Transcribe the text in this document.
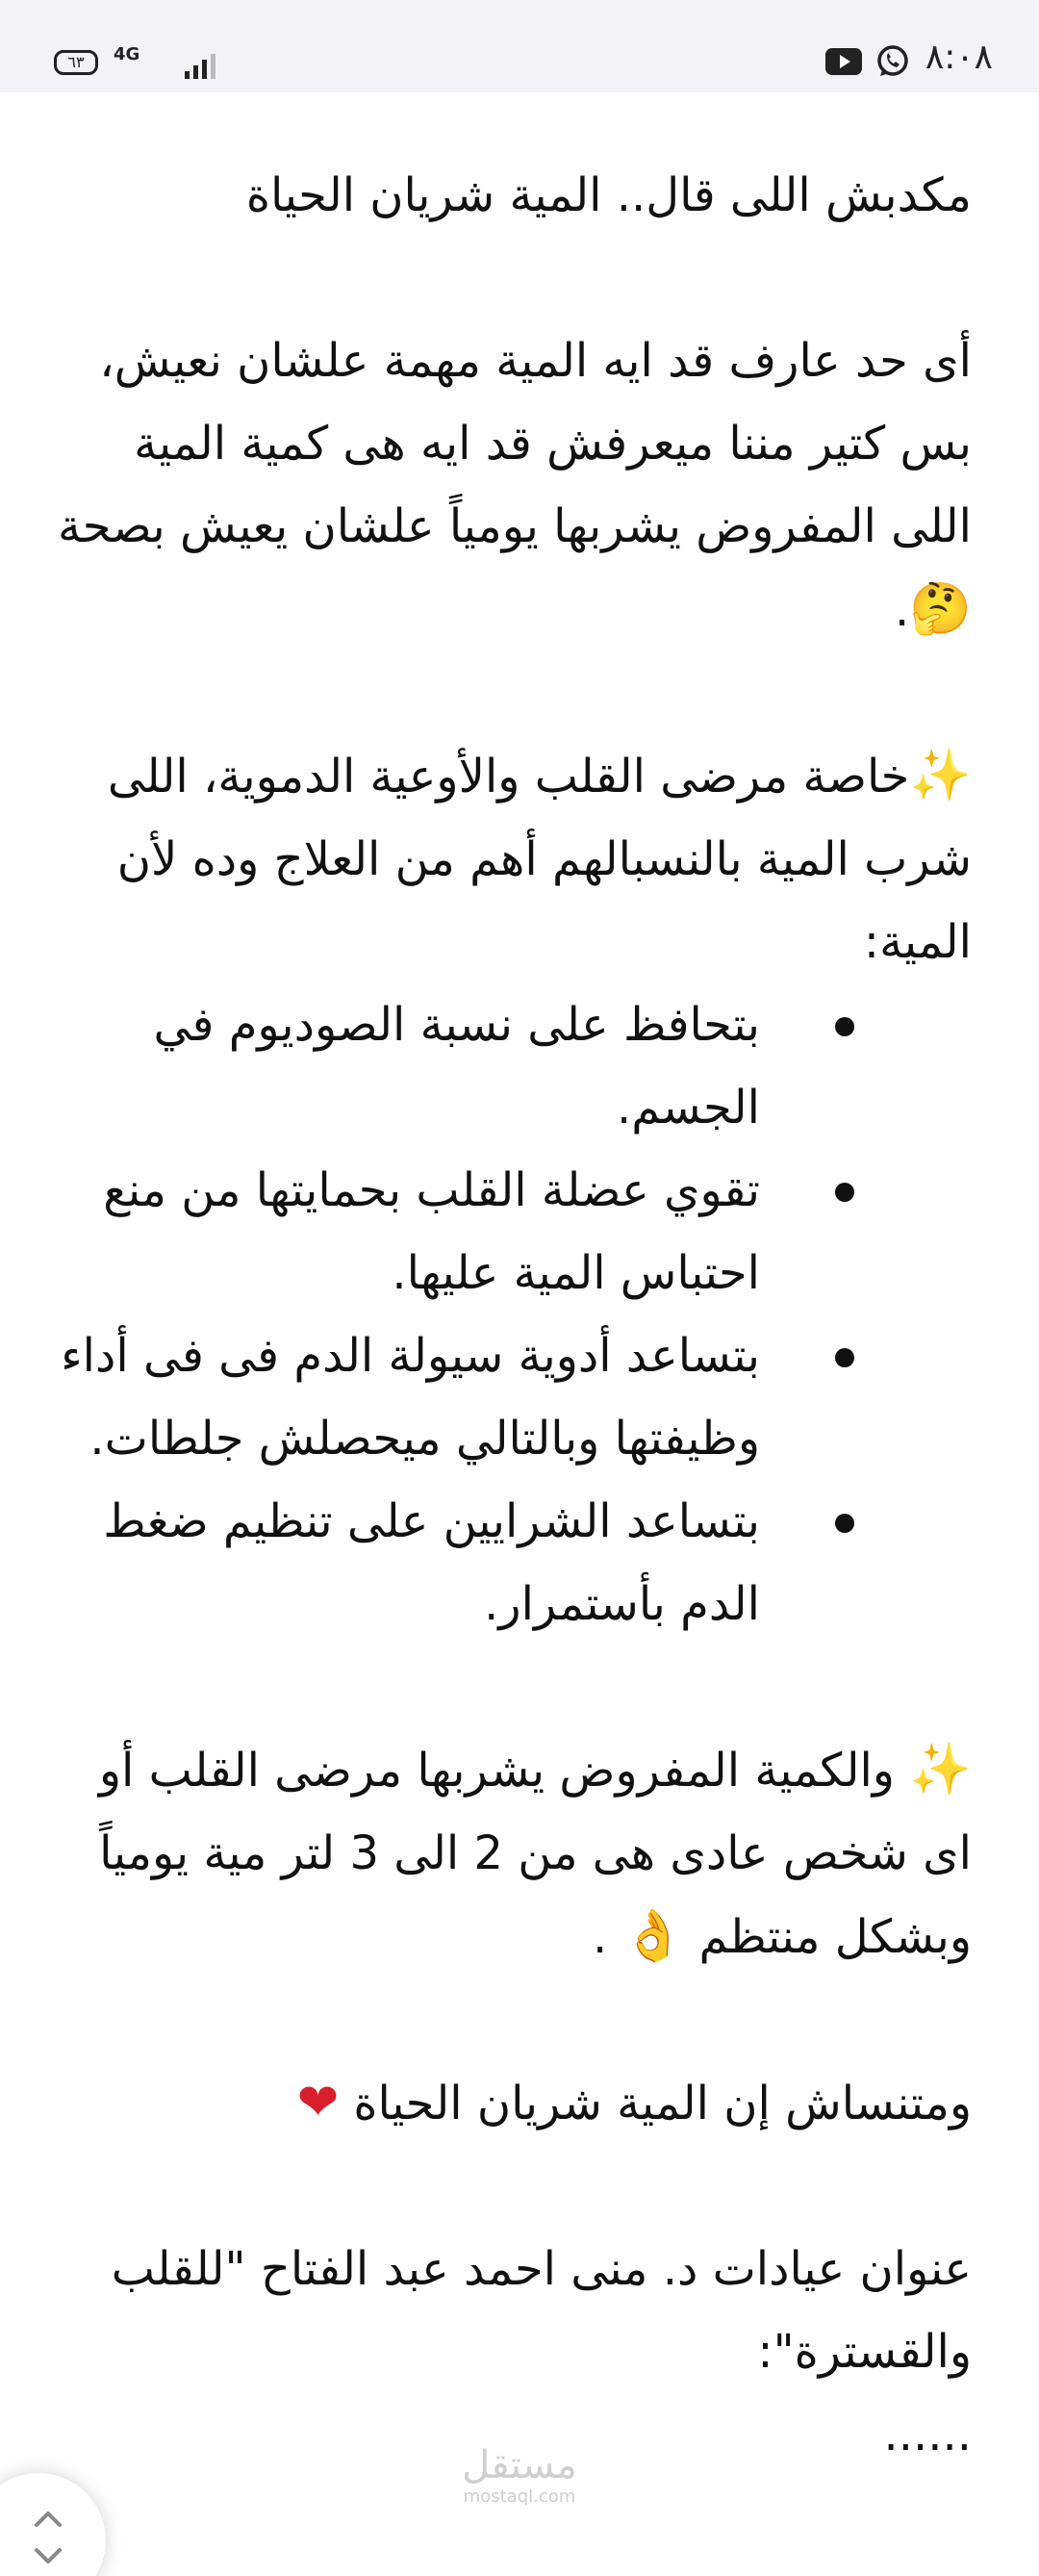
٦٣	4G	٨:٠٨

مكدبش اللى قال.. المية شريان الحياة

أى حد عارف قد ايه المية مهمة علشان نعيش، بس كتير مننا ميعرفش قد ايه هى كمية المية اللى المفروض يشربها يومياً علشان يعيش بصحة🤔.

✨خاصة مرضى القلب والأوعية الدموية، اللى شرب المية بالنسبالهم أهم من العلاج وده لأن المية:

بتحافظ على نسبة الصوديوم في الجسم.
تقوي عضلة القلب بحمايتها من منع احتباس المية عليها.
بتساعد أدوية سيولة الدم فى فى أداء وظيفتها وبالتالي ميحصلش جلطات.
بتساعد الشرايين على تنظيم ضغط الدم بأستمرار.

✨ والكمية المفروض يشربها مرضى القلب أو اى شخص عادى هى من 2 الى 3 لتر مية يومياً وبشكل منتظم 👌 .

ومتنساش إن المية شريان الحياة ❤

عنوان عيادات د. منى احمد عبد الفتاح "للقلب والقسترة":

......

مستقل
mostaql.com
